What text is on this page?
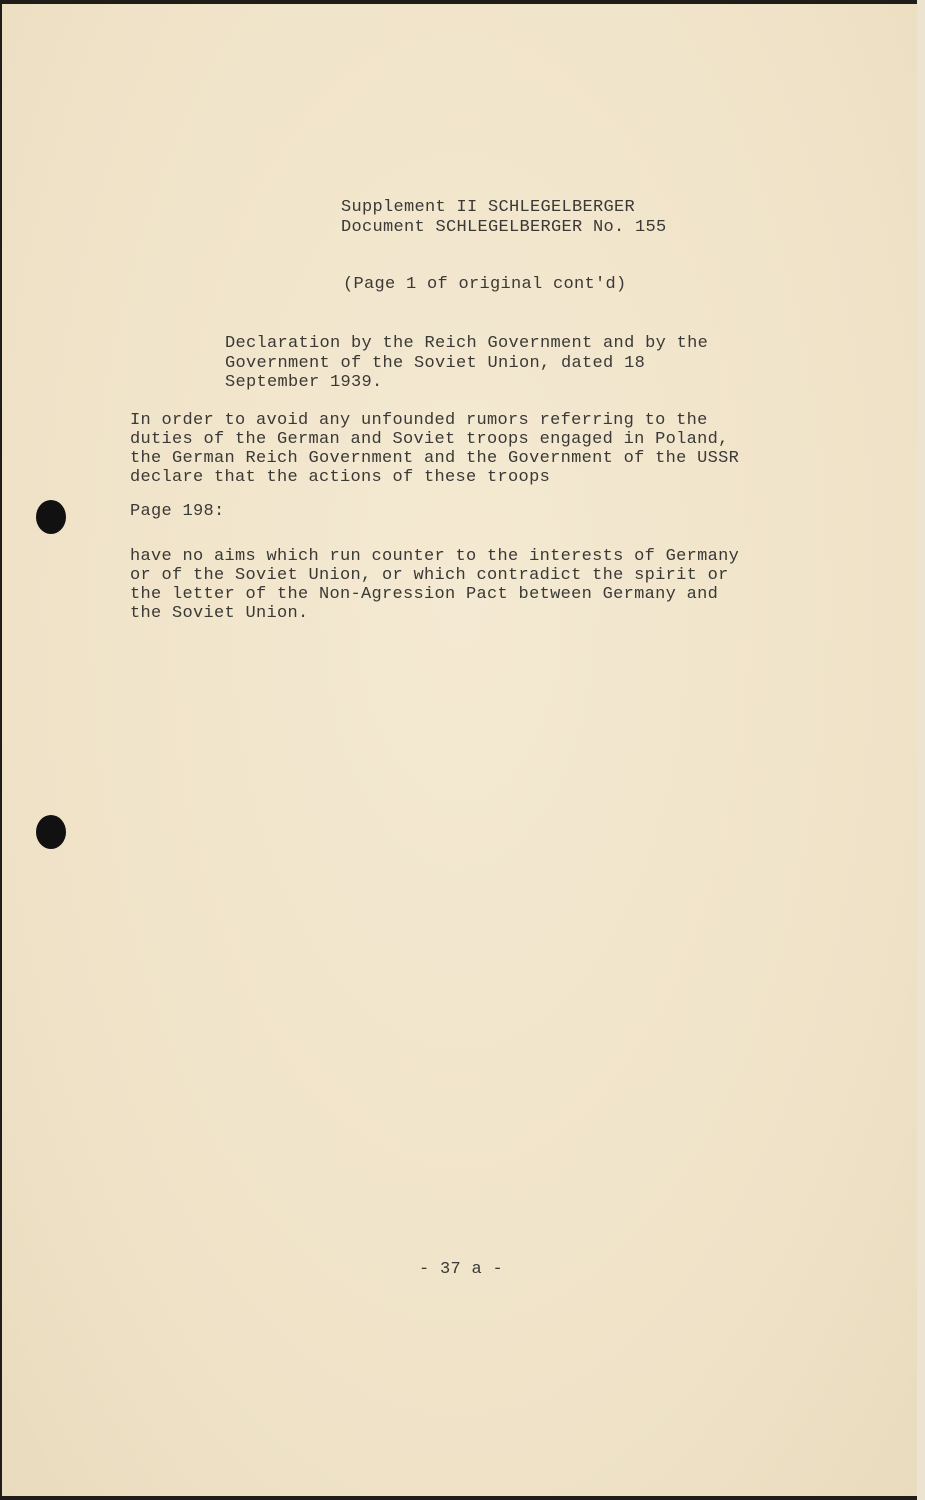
Supplement II SCHLEGELBERGER
Document SCHLEGELBERGER No. 155
(Page 1 of original cont'd)
Declaration by the Reich Government and by the
Government of the Soviet Union, dated 18
September 1939.
In order to avoid any unfounded rumors referring to the
duties of the German and Soviet troops engaged in Poland,
the German Reich Government and the Government of the USSR
declare that the actions of these troops
Page 198:
have no aims which run counter to the interests of Germany
or of the Soviet Union, or which contradict the spirit or
the letter of the Non-Agression Pact between Germany and
the Soviet Union.
- 37 a -
